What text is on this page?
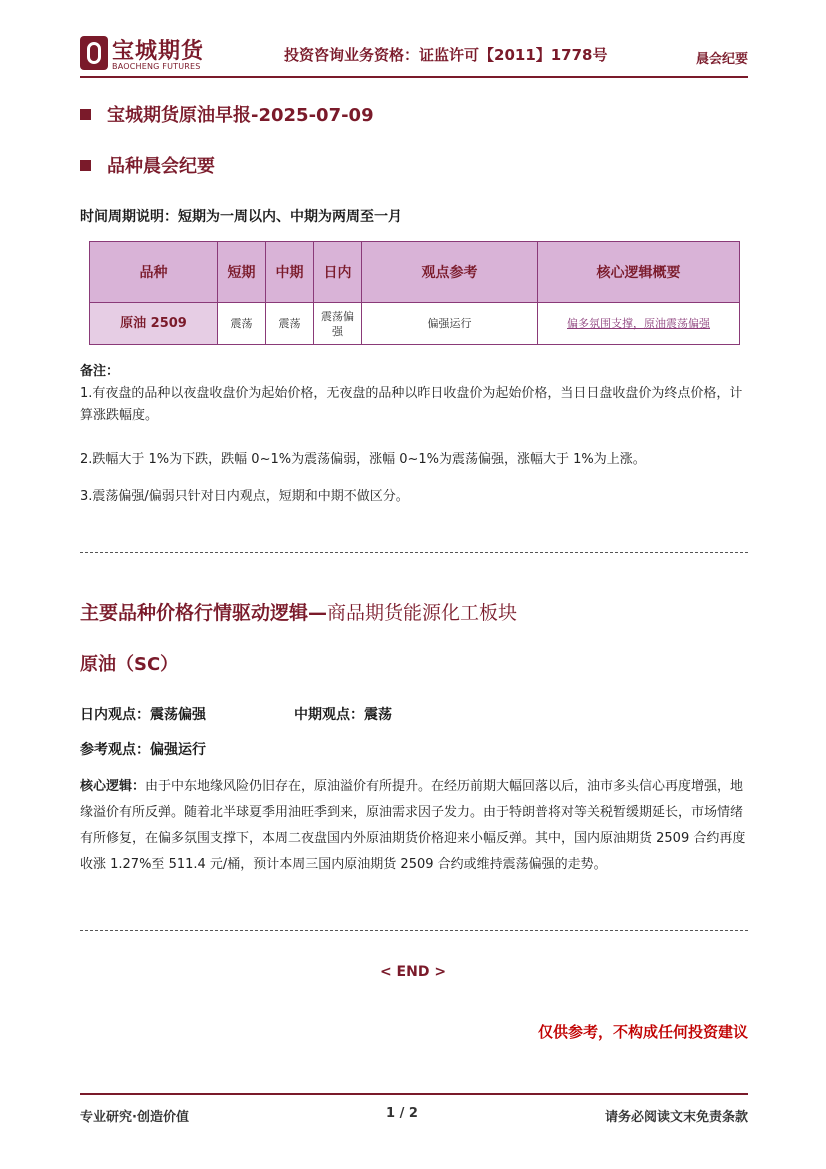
宝城期货
BAOCHENG FUTURES
投资咨询业务资格：证监许可【2011】1778号	晨会纪要
宝城期货原油早报-2025-07-09
品种晨会纪要
时间周期说明：短期为一周以内、中期为两周至一月
品种	短期	中期	日内	观点参考	核心逻辑概要
原油 2509	震荡	震荡	震荡偏强	偏强运行	偏多氛围支撑，原油震荡偏强
备注：
1.有夜盘的品种以夜盘收盘价为起始价格，无夜盘的品种以昨日收盘价为起始价格，当日日盘收盘价为终点价格，计算涨跌幅度。
2.跌幅大于 1%为下跌，跌幅 0~1%为震荡偏弱，涨幅 0~1%为震荡偏强，涨幅大于 1%为上涨。
3.震荡偏强/偏弱只针对日内观点，短期和中期不做区分。
主要品种价格行情驱动逻辑—商品期货能源化工板块
原油（SC）
日内观点：震荡偏强	中期观点：震荡
参考观点：偏强运行
核心逻辑：由于中东地缘风险仍旧存在，原油溢价有所提升。在经历前期大幅回落以后，油市多头信心再度增强，地缘溢价有所反弹。随着北半球夏季用油旺季到来，原油需求因子发力。由于特朗普将对等关税暂缓期延长，市场情绪有所修复，在偏多氛围支撑下，本周二夜盘国内外原油期货价格迎来小幅反弹。其中，国内原油期货 2509 合约再度收涨 1.27%至 511.4 元/桶，预计本周三国内原油期货 2509 合约或维持震荡偏强的走势。
< END >
仅供参考，不构成任何投资建议
专业研究·创造价值	1 / 2	请务必阅读文末免责条款
